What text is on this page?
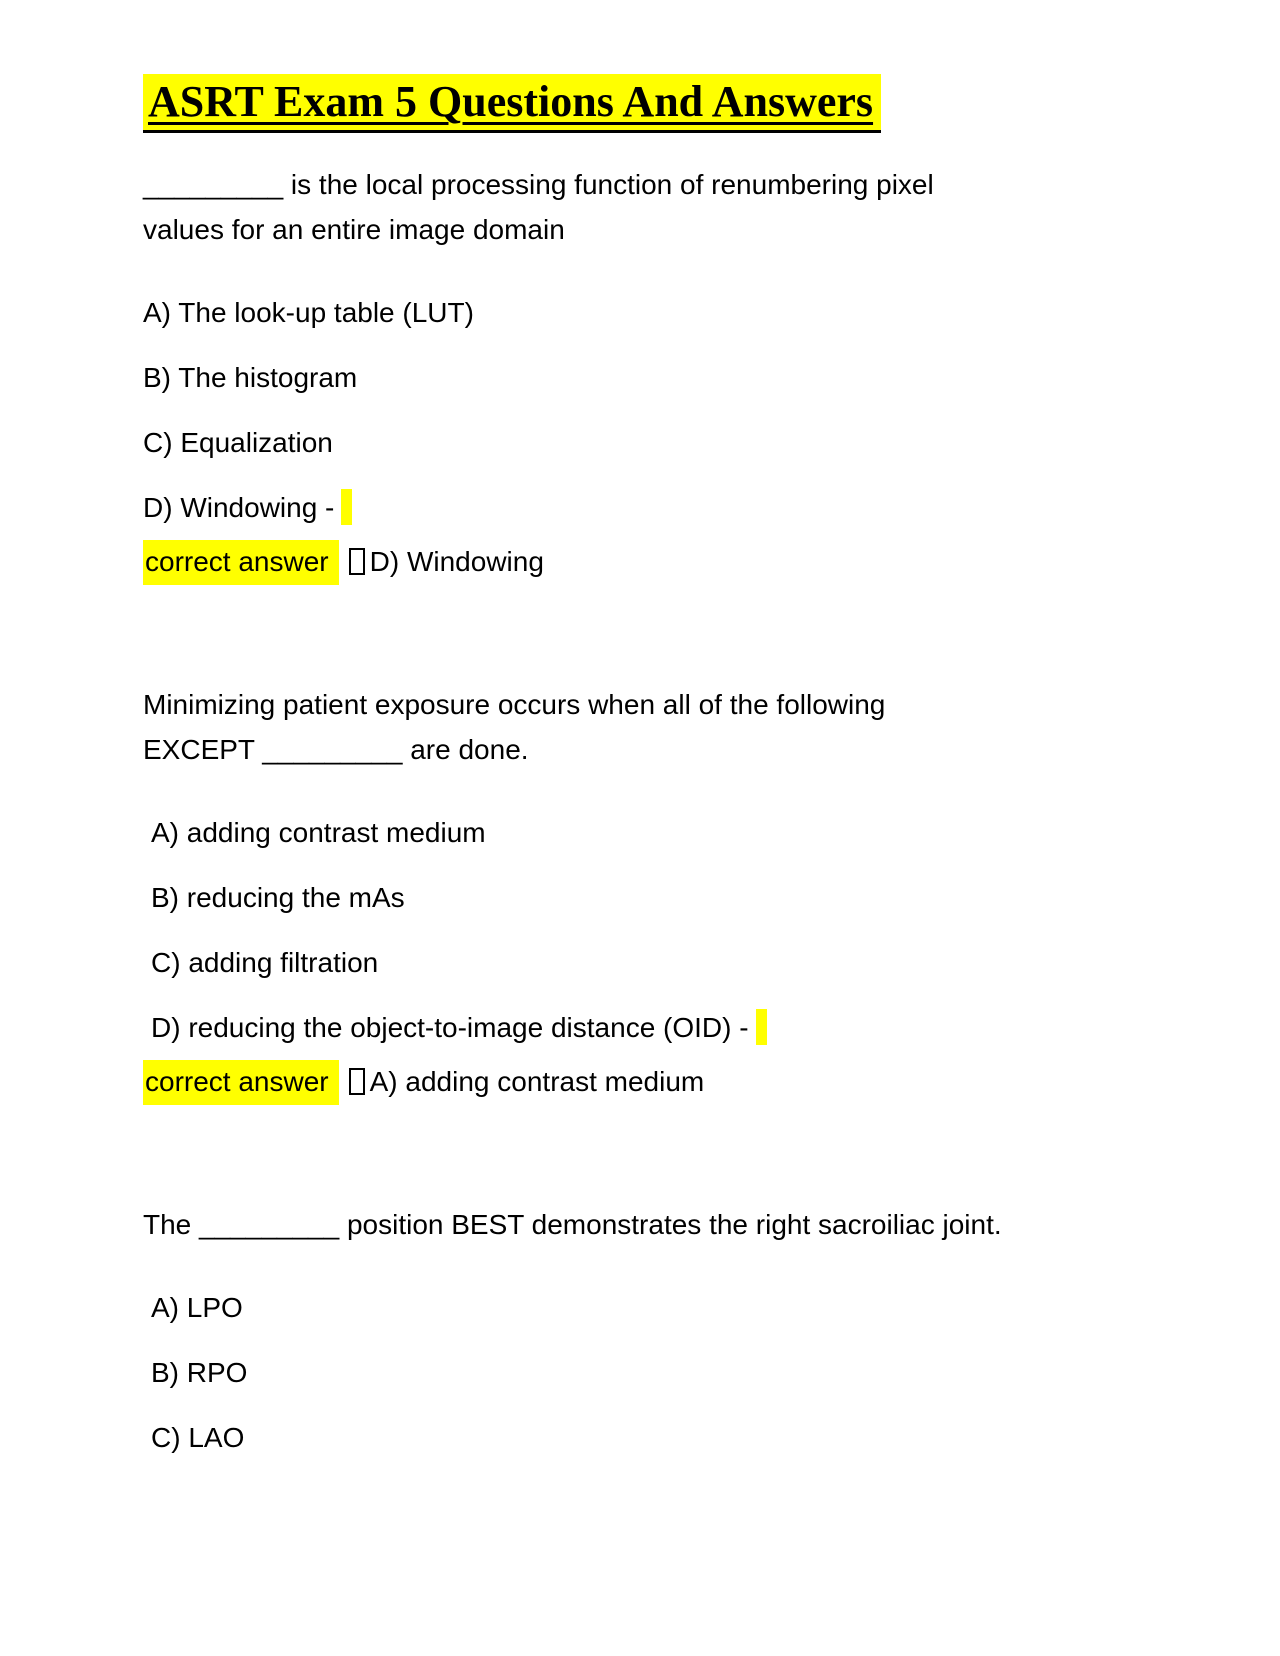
ASRT Exam 5 Questions And Answers

_________ is the local processing function of renumbering pixel
values for an entire image domain

A) The look-up table (LUT)

B) The histogram

C) Equalization

D) Windowing -

correct answer D) Windowing

Minimizing patient exposure occurs when all of the following
EXCEPT _________ are done.

A) adding contrast medium

B) reducing the mAs

C) adding filtration

D) reducing the object-to-image distance (OID) -

correct answer A) adding contrast medium

The _________ position BEST demonstrates the right sacroiliac joint.

A) LPO

B) RPO

C) LAO
